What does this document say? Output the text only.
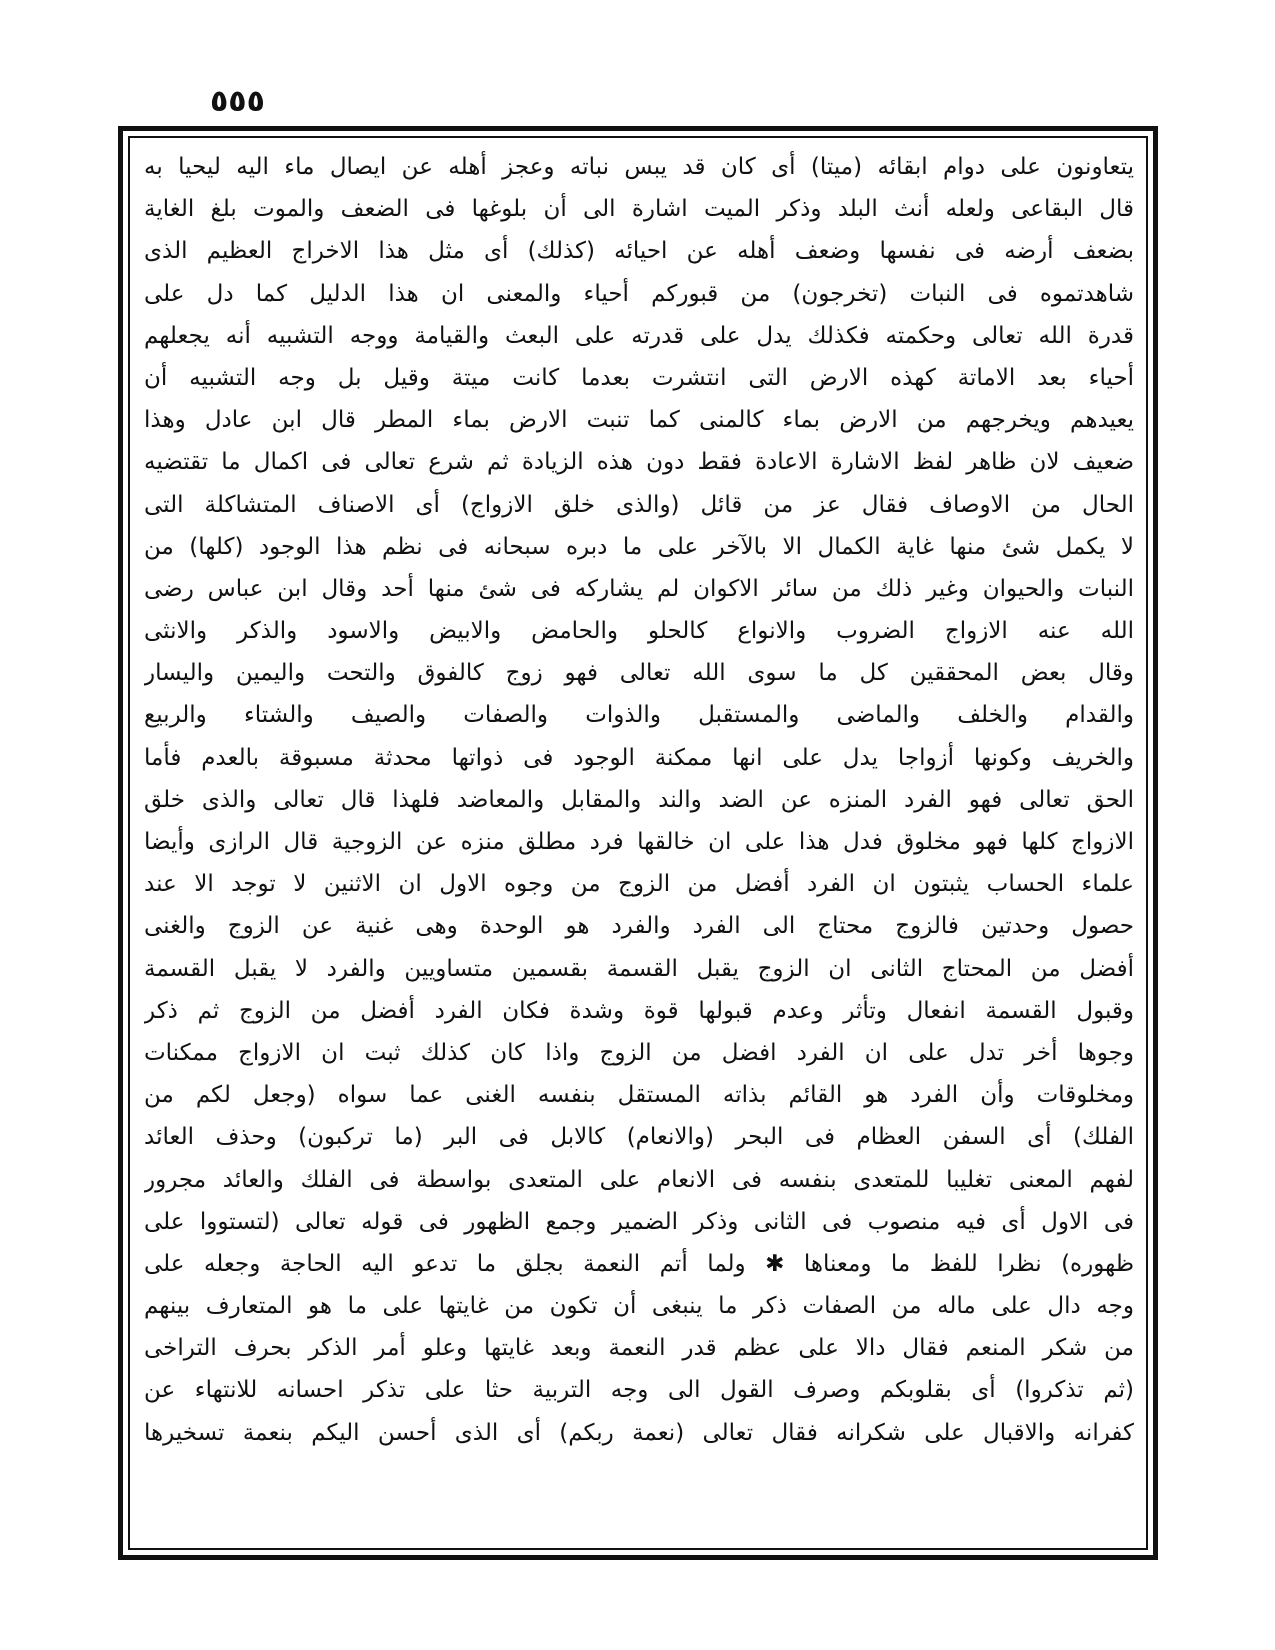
٥٥٥
يتعاونون على دوام ابقائه (ميتا) أى كان قد يبس نباته وعجز أهله عن ايصال ماء اليه ليحيا به
قال البقاعى ولعله أنث البلد وذكر الميت اشارة الى أن بلوغها فى الضعف والموت بلغ الغاية
بضعف أرضه فى نفسها وضعف أهله عن احيائه (كذلك) أى مثل هذا الاخراج العظيم الذى
شاهدتموه فى النبات (تخرجون) من قبوركم أحياء والمعنى ان هذا الدليل كما دل على
قدرة الله تعالى وحكمته فكذلك يدل على قدرته على البعث والقيامة ووجه التشبيه أنه يجعلهم
أحياء بعد الاماتة كهذه الارض التى انتشرت بعدما كانت ميتة وقيل بل وجه التشبيه أن
يعيدهم ويخرجهم من الارض بماء كالمنى كما تنبت الارض بماء المطر قال ابن عادل وهذا
ضعيف لان ظاهر لفظ الاشارة الاعادة فقط دون هذه الزيادة ثم شرع تعالى فى اكمال ما تقتضيه
الحال من الاوصاف فقال عز من قائل (والذى خلق الازواج) أى الاصناف المتشاكلة التى
لا يكمل شئ منها غاية الكمال الا بالآخر على ما دبره سبحانه فى نظم هذا الوجود (كلها) من
النبات والحيوان وغير ذلك من سائر الاكوان لم يشاركه فى شئ منها أحد وقال ابن عباس رضى
الله عنه الازواج الضروب والانواع كالحلو والحامض والابيض والاسود والذكر والانثى
وقال بعض المحققين كل ما سوى الله تعالى فهو زوج كالفوق والتحت واليمين واليسار
والقدام والخلف والماضى والمستقبل والذوات والصفات والصيف والشتاء والربيع
والخريف وكونها أزواجا يدل على انها ممكنة الوجود فى ذواتها محدثة مسبوقة بالعدم فأما
الحق تعالى فهو الفرد المنزه عن الضد والند والمقابل والمعاضد فلهذا قال تعالى والذى خلق
الازواج كلها فهو مخلوق فدل هذا على ان خالقها فرد مطلق منزه عن الزوجية قال الرازى وأيضا
علماء الحساب يثبتون ان الفرد أفضل من الزوج من وجوه الاول ان الاثنين لا توجد الا عند
حصول وحدتين فالزوج محتاج الى الفرد والفرد هو الوحدة وهى غنية عن الزوج والغنى
أفضل من المحتاج الثانى ان الزوج يقبل القسمة بقسمين متساويين والفرد لا يقبل القسمة
وقبول القسمة انفعال وتأثر وعدم قبولها قوة وشدة فكان الفرد أفضل من الزوج ثم ذكر
وجوها أخر تدل على ان الفرد افضل من الزوج واذا كان كذلك ثبت ان الازواج ممكنات
ومخلوقات وأن الفرد هو القائم بذاته المستقل بنفسه الغنى عما سواه (وجعل لكم من
الفلك) أى السفن العظام فى البحر (والانعام) كالابل فى البر (ما تركبون) وحذف العائد
لفهم المعنى تغليبا للمتعدى بنفسه فى الانعام على المتعدى بواسطة فى الفلك والعائد مجرور
فى الاول أى فيه منصوب فى الثانى وذكر الضمير وجمع الظهور فى قوله تعالى (لتستووا على
ظهوره) نظرا للفظ ما ومعناها ✱ ولما أتم النعمة بجلق ما تدعو اليه الحاجة وجعله على
وجه دال على ماله من الصفات ذكر ما ينبغى أن تكون من غايتها على ما هو المتعارف بينهم
من شكر المنعم فقال دالا على عظم قدر النعمة وبعد غايتها وعلو أمر الذكر بحرف التراخى
(ثم تذكروا) أى بقلوبكم وصرف القول الى وجه التربية حثا على تذكر احسانه للانتهاء عن
كفرانه والاقبال على شكرانه فقال تعالى (نعمة ربكم) أى الذى أحسن اليكم بنعمة تسخيرها
